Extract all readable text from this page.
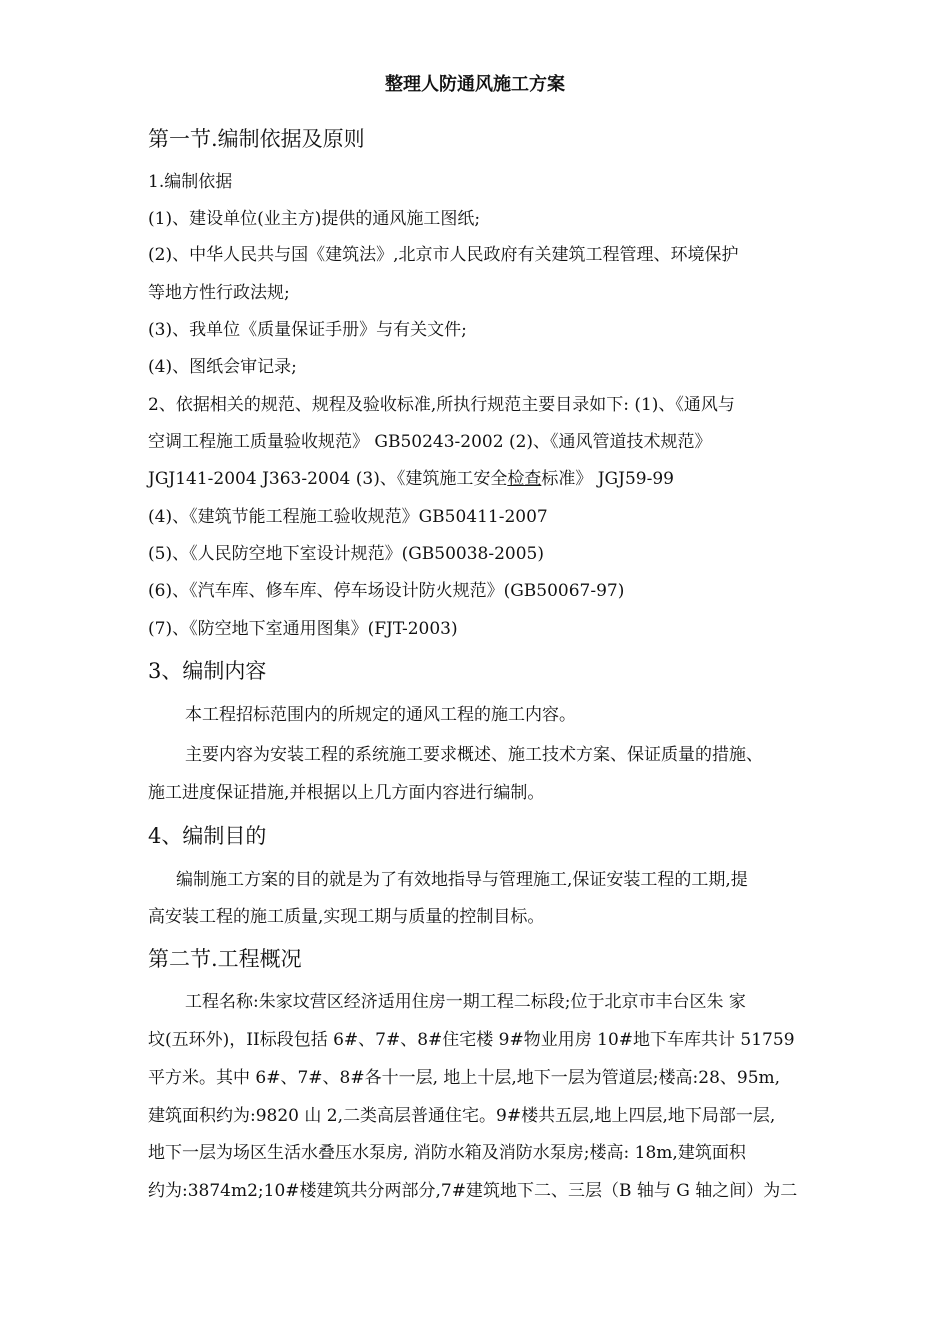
整理人防通风施工方案
第一节.编制依据及原则
1.编制依据
(1)、建设单位(业主方)提供的通风施工图纸;
(2)、中华人民共与国《建筑法》,北京市人民政府有关建筑工程管理、环境保护
等地方性行政法规;
(3)、我单位《质量保证手册》与有关文件;
(4)、图纸会审记录;
2、依据相关的规范、规程及验收标准,所执行规范主要目录如下: (1)、《通风与
空调工程施工质量验收规范》 GB50243-2002 (2)、《通风管道技术规范》
JGJ141-2004 J363-2004 (3)、《建筑施工安全检查标准》 JGJ59-99
(4)、《建筑节能工程施工验收规范》GB50411-2007
(5)、《人民防空地下室设计规范》(GB50038-2005)
(6)、《汽车库、修车库、停车场设计防火规范》(GB50067-97)
(7)、《防空地下室通用图集》(FJT-2003)
3、编制内容
本工程招标范围内的所规定的通风工程的施工内容。
主要内容为安装工程的系统施工要求概述、施工技术方案、保证质量的措施、
施工进度保证措施,并根据以上几方面内容进行编制。
4、编制目的
编制施工方案的目的就是为了有效地指导与管理施工,保证安装工程的工期,提
高安装工程的施工质量,实现工期与质量的控制目标。
第二节.工程概况
工程名称:朱家坟营区经济适用住房一期工程二标段;位于北京市丰台区朱 家
坟(五环外)，II标段包括 6#、7#、8#住宅楼 9#物业用房 10#地下车库共计 51759
平方米。其中 6#、7#、8#各十一层, 地上十层,地下一层为管道层;楼高:28、95m,
建筑面积约为:9820 山 2,二类高层普通住宅。9#楼共五层,地上四层,地下局部一层,
地下一层为场区生活水叠压水泵房, 消防水箱及消防水泵房;楼高: 18m,建筑面积
约为:3874m2;10#楼建筑共分两部分,7#建筑地下二、三层（B 轴与 G 轴之间）为二
